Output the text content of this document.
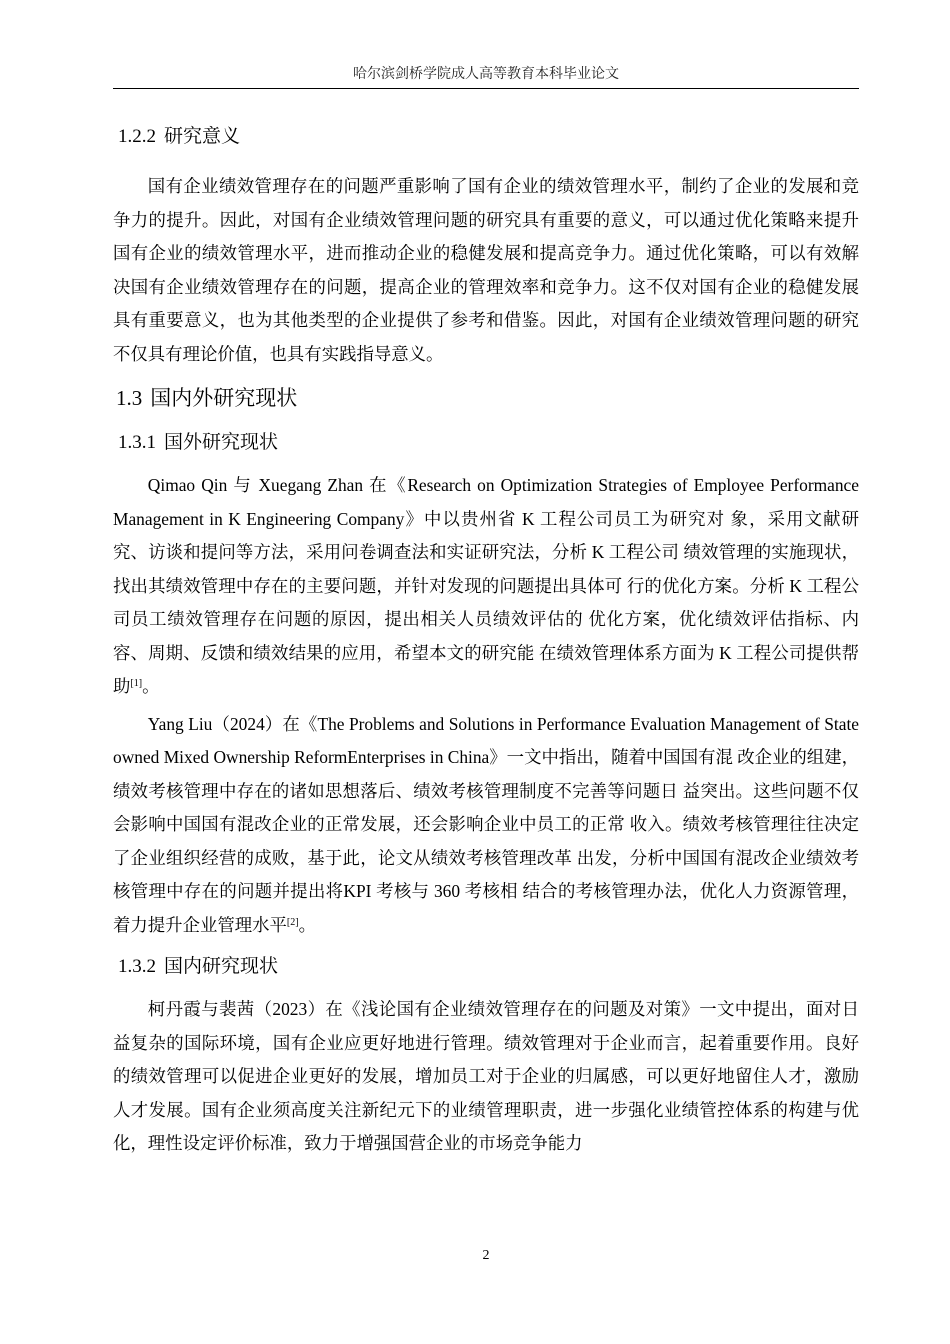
哈尔滨剑桥学院成人高等教育本科毕业论文
1.2.2 研究意义

国有企业绩效管理存在的问题严重影响了国有企业的绩效管理水平，制约了企业的发展和竞争力的提升。因此，对国有企业绩效管理问题的研究具有重要的意义，可以通过优化策略来提升国有企业的绩效管理水平，进而推动企业的稳健发展和提高竞争力。通过优化策略，可以有效解决国有企业绩效管理存在的问题，提高企业的管理效率和竞争力。这不仅对国有企业的稳健发展具有重要意义，也为其他类型的企业提供了参考和借鉴。因此，对国有企业绩效管理问题的研究不仅具有理论价值，也具有实践指导意义。

1.3 国内外研究现状
1.3.1 国外研究现状

Qimao Qin 与 Xuegang Zhan 在《Research on Optimization Strategies of Employee Performance Management in K Engineering Company》中以贵州省 K 工程公司员工为研究对 象，采用文献研究、访谈和提问等方法，采用问卷调查法和实证研究法，分析 K 工程公司 绩效管理的实施现状，找出其绩效管理中存在的主要问题，并针对发现的问题提出具体可 行的优化方案。分析 K 工程公司员工绩效管理存在问题的原因，提出相关人员绩效评估的 优化方案，优化绩效评估指标、内容、周期、反馈和绩效结果的应用，希望本文的研究能 在绩效管理体系方面为 K 工程公司提供帮助[1]。

Yang Liu（2024）在《The Problems and Solutions in Performance Evaluation Management of State owned Mixed Ownership ReformEnterprises in China》一文中指出，随着中国国有混 改企业的组建，绩效考核管理中存在的诸如思想落后、绩效考核管理制度不完善等问题日 益突出。这些问题不仅会影响中国国有混改企业的正常发展，还会影响企业中员工的正常 收入。绩效考核管理往往决定了企业组织经营的成败，基于此，论文从绩效考核管理改革 出发，分析中国国有混改企业绩效考核管理中存在的问题并提出将KPI 考核与 360 考核相 结合的考核管理办法，优化人力资源管理，着力提升企业管理水平[2]。

1.3.2 国内研究现状

柯丹霞与裴茜（2023）在《浅论国有企业绩效管理存在的问题及对策》一文中提出，面对日益复杂的国际环境，国有企业应更好地进行管理。绩效管理对于企业而言，起着重要作用。良好的绩效管理可以促进企业更好的发展，增加员工对于企业的归属感，可以更好地留住人才，激励人才发展。国有企业须高度关注新纪元下的业绩管理职责，进一步强化业绩管控体系的构建与优化，理性设定评价标准，致力于增强国营企业的市场竞争能力

2
